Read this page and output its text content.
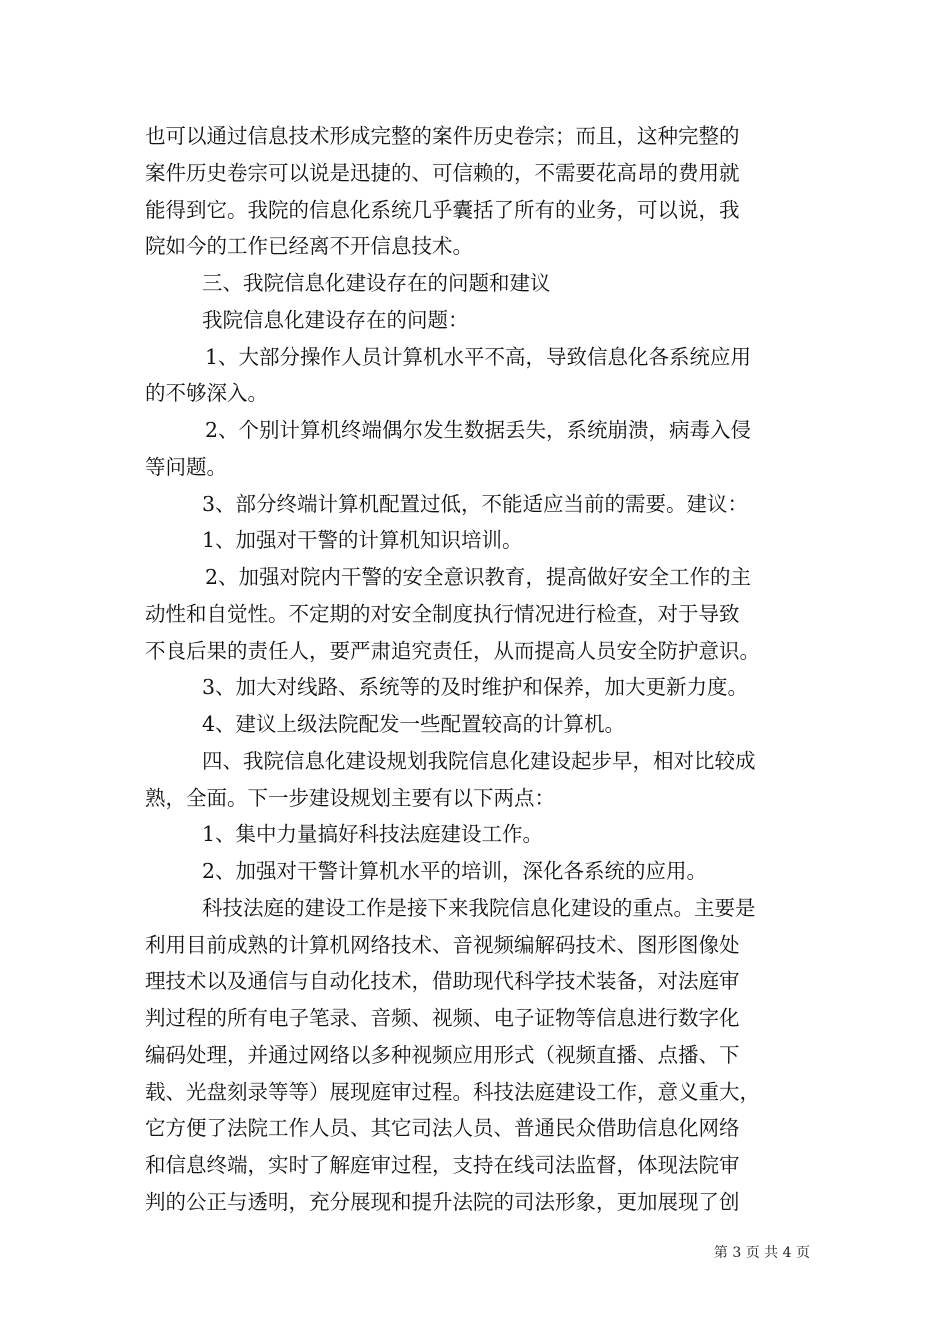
也可以通过信息技术形成完整的案件历史卷宗；而且，这种完整的
案件历史卷宗可以说是迅捷的、可信赖的，不需要花高昂的费用就
能得到它。我院的信息化系统几乎囊括了所有的业务，可以说，我
院如今的工作已经离不开信息技术。
三、我院信息化建设存在的问题和建议
我院信息化建设存在的问题：
1、大部分操作人员计算机水平不高，导致信息化各系统应用
的不够深入。
2、个别计算机终端偶尔发生数据丢失，系统崩溃，病毒入侵
等问题。
3、部分终端计算机配置过低，不能适应当前的需要。建议：
1、加强对干警的计算机知识培训。
2、加强对院内干警的安全意识教育，提高做好安全工作的主
动性和自觉性。不定期的对安全制度执行情况进行检查，对于导致
不良后果的责任人，要严肃追究责任，从而提高人员安全防护意识。
3、加大对线路、系统等的及时维护和保养，加大更新力度。
4、建议上级法院配发一些配置较高的计算机。
四、我院信息化建设规划我院信息化建设起步早，相对比较成
熟，全面。下一步建设规划主要有以下两点：
1、集中力量搞好科技法庭建设工作。
2、加强对干警计算机水平的培训，深化各系统的应用。
科技法庭的建设工作是接下来我院信息化建设的重点。主要是
利用目前成熟的计算机网络技术、音视频编解码技术、图形图像处
理技术以及通信与自动化技术，借助现代科学技术装备，对法庭审
判过程的所有电子笔录、音频、视频、电子证物等信息进行数字化
编码处理，并通过网络以多种视频应用形式（视频直播、点播、下
载、光盘刻录等等）展现庭审过程。科技法庭建设工作，意义重大，
它方便了法院工作人员、其它司法人员、普通民众借助信息化网络
和信息终端，实时了解庭审过程，支持在线司法监督，体现法院审
判的公正与透明，充分展现和提升法院的司法形象，更加展现了创
第 3 页 共 4 页
